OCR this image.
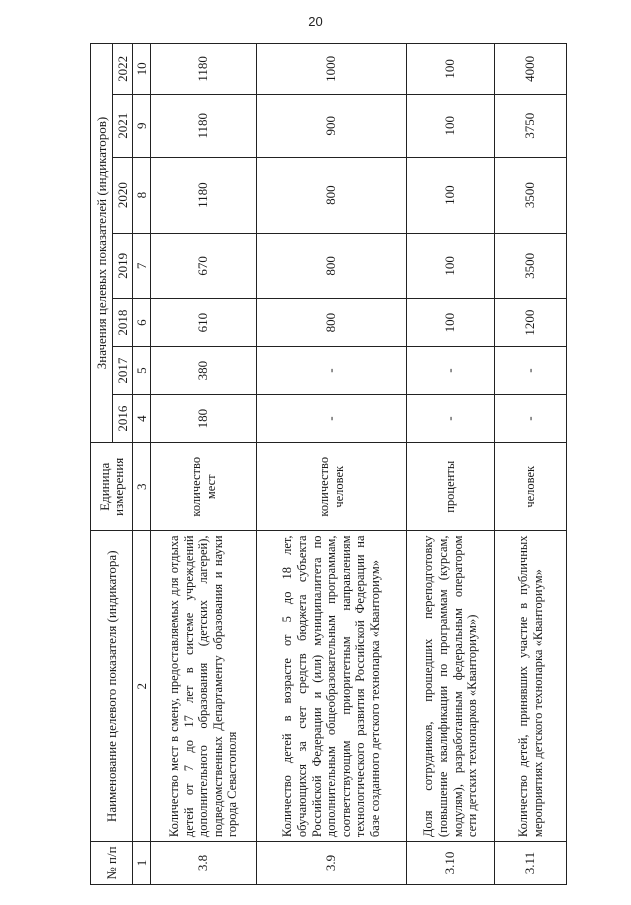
20
№ п/п	Наименование целевого показателя (индикатора)	Единица измерения	Значения целевых показателей (индикаторов)						
			2016	2017	2018	2019	2020	2021	2022
1	2	3	4	5	6	7	8	9	10
3.8	Количество мест в смену, предоставляемых для отдыха детей от 7 до 17 лет в системе учреждений дополнительного образования (детских лагерей), подведомственных Департаменту образования и науки города Севастополя	количество мест	180	380	610	670	1180	1180	1180
3.9	Количество детей в возрасте от 5 до 18 лет, обучающихся за счет средств бюджета субъекта Российской Федерации и (или) муниципалитета по дополнительным общеобразовательным программам, соответствующим приоритетным направлениям технологического развития Российской Федерации на базе созданного детского технопарка «Кванториум»	количество человек	-	-	800	800	800	900	1000
3.10	Доля сотрудников, прошедших переподготовку (повышение квалификации по программам (курсам, модулям), разработанным федеральным оператором сети детских технопарков «Кванториум»)	проценты	-	-	100	100	100	100	100
3.11	Количество детей, принявших участие в публичных мероприятиях детского технопарка «Кванториум»	человек	-	-	1200	3500	3500	3750	4000
